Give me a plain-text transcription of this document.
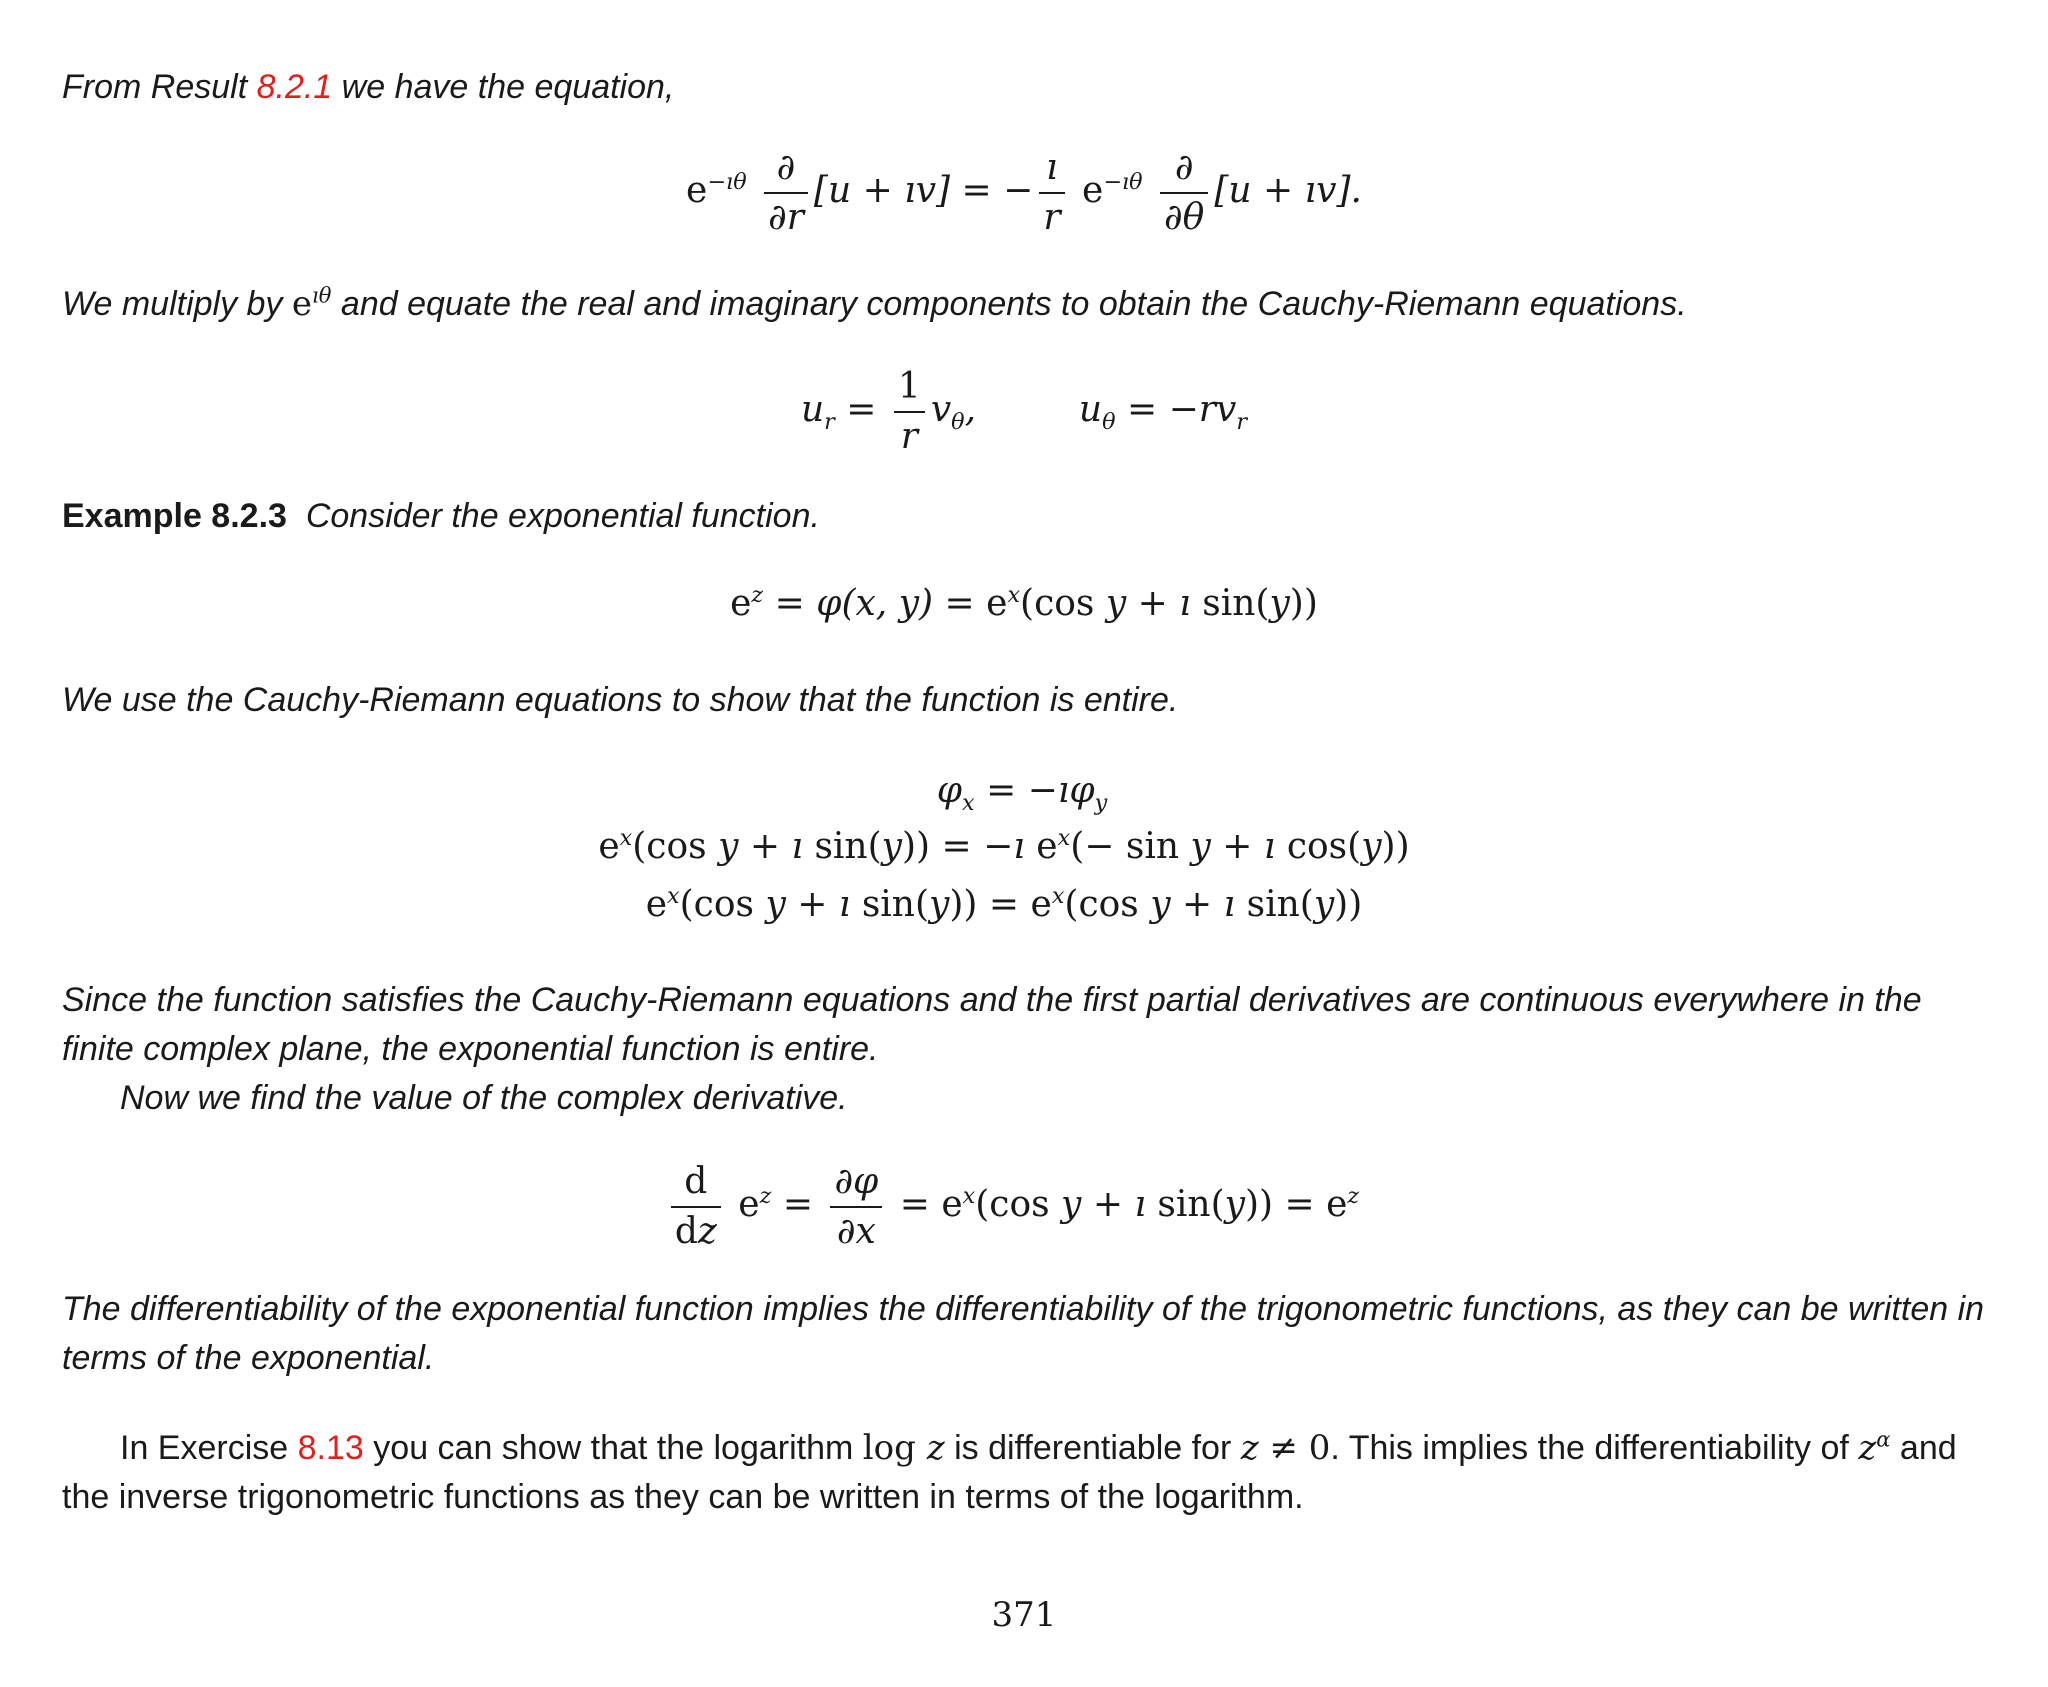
From Result 8.2.1 we have the equation,
$e^{-ı\theta} \frac{\partial}{\partial r} [u$ + ıv] = − $\frac{ı}{r} e^{-ı\theta} \frac{\partial}{\partial\theta} [u$ + ıv].
We multiply by $e^{ı\theta}$ and equate the real and imaginary components to obtain the Cauchy-Riemann equations.
$u_r = \frac{1}{r} v_\theta$,  $u_\theta = -rv_r$
Example 8.2.3 Consider the exponential function.
$e^z = \varphi(x$, $y) = e^x(\cos$ y + ı sin(y))
We use the Cauchy-Riemann equations to show that the function is entire.
$\varphi_x$ = $-ı\varphi_y$
$e^x(\cos$ y + ı sin(y)) = −ı $e^x(- \sin y$ + ı cos(y))
$e^x(\cos$ y + ı $\sin(y)) = e^x(\cos$ y + ı sin(y))
Since the function satisfies the Cauchy-Riemann equations and the first partial derivatives are continuous everywhere in the finite complex plane, the exponential function is entire.
Now we find the value of the complex derivative.
$\frac{d}{dz} e^z = \frac{\partial\varphi}{\partial x} = e^x(\cos$ y + ı $\sin(y)) = e^z$
The differentiability of the exponential function implies the differentiability of the trigonometric functions, as they can be written in terms of the exponential.
In Exercise 8.13 you can show that the logarithm log z is differentiable for z ≠ 0. This implies the differentiability of $z^\alpha$ and the inverse trigonometric functions as they can be written in terms of the logarithm.
371
